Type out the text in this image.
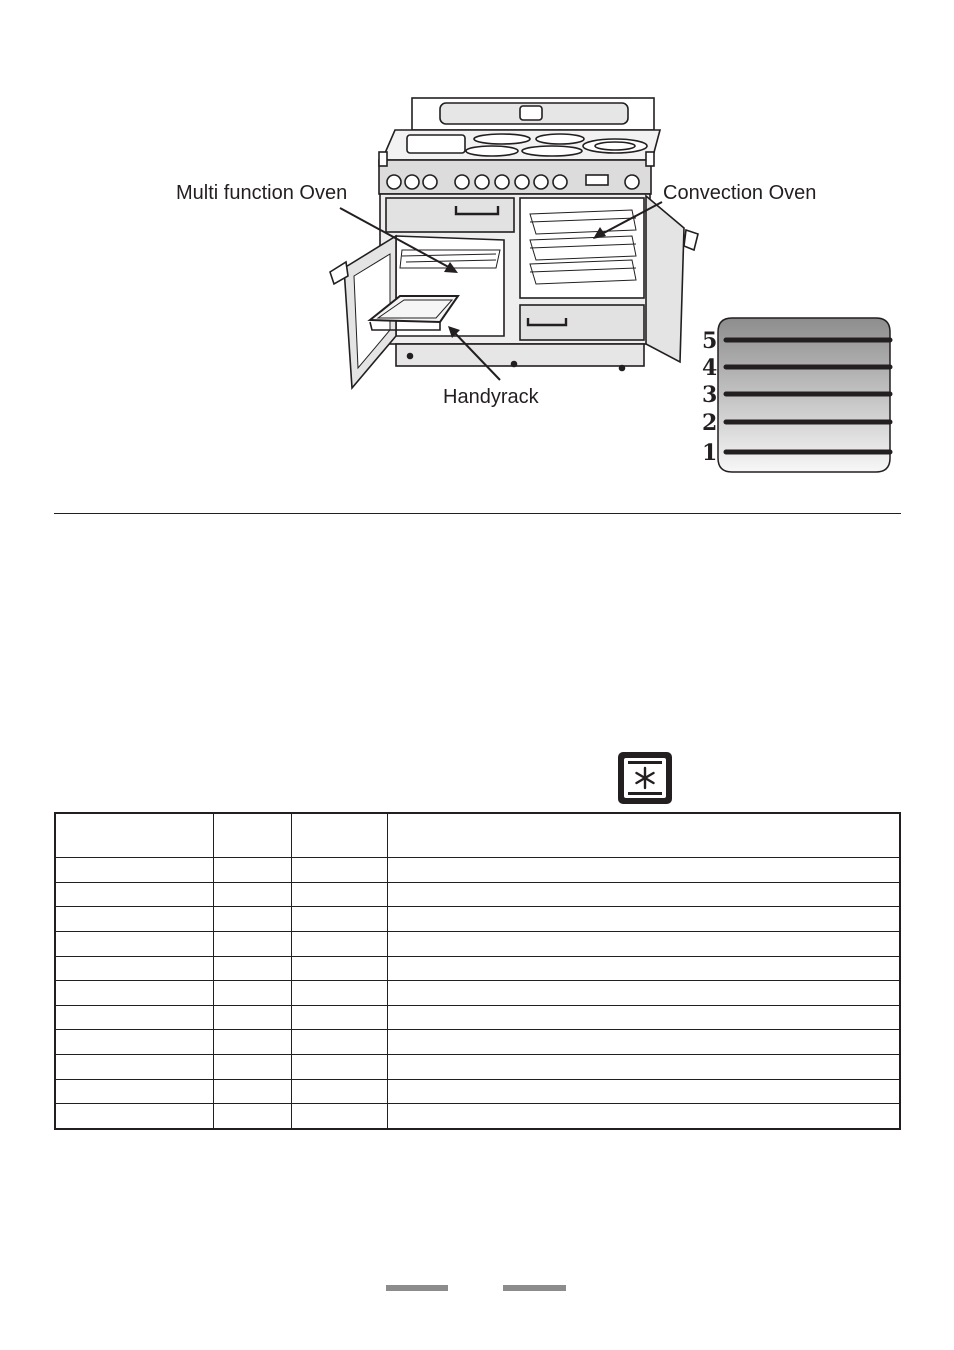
Multi function Oven	Convection Oven
Handyrack
5
4
3
2
1
